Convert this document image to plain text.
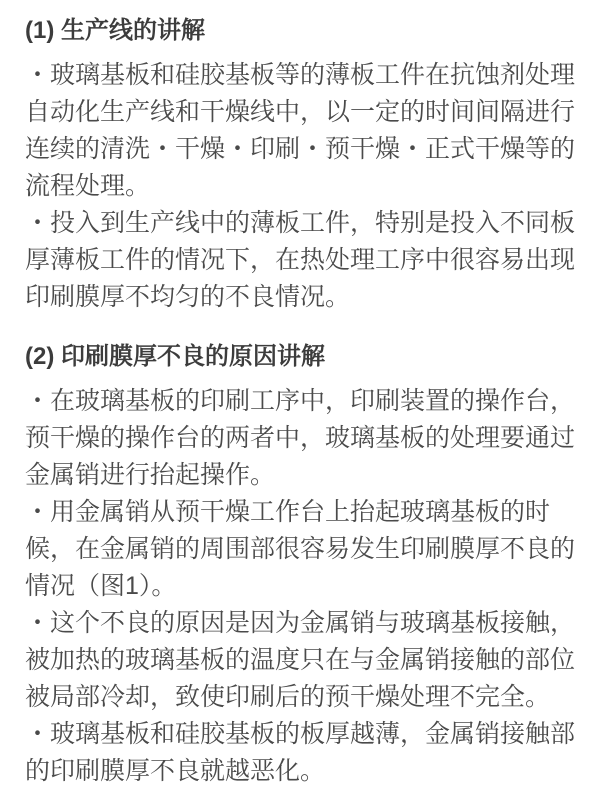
(1) 生产线的讲解

・玻璃基板和硅胶基板等的薄板工件在抗蚀剂处理自动化生产线和干燥线中，以一定的时间间隔进行连续的清洗・干燥・印刷・预干燥・正式干燥等的流程处理。

・投入到生产线中的薄板工件，特别是投入不同板厚薄板工件的情况下，在热处理工序中很容易出现印刷膜厚不均匀的不良情况。

(2) 印刷膜厚不良的原因讲解

・在玻璃基板的印刷工序中，印刷装置的操作台，预干燥的操作台的两者中，玻璃基板的处理要通过金属销进行抬起操作。

・用金属销从预干燥工作台上抬起玻璃基板的时候，在金属销的周围部很容易发生印刷膜厚不良的情况（图1）。

・这个不良的原因是因为金属销与玻璃基板接触，被加热的玻璃基板的温度只在与金属销接触的部位被局部冷却，致使印刷后的预干燥处理不完全。

・玻璃基板和硅胶基板的板厚越薄，金属销接触部的印刷膜厚不良就越恶化。
